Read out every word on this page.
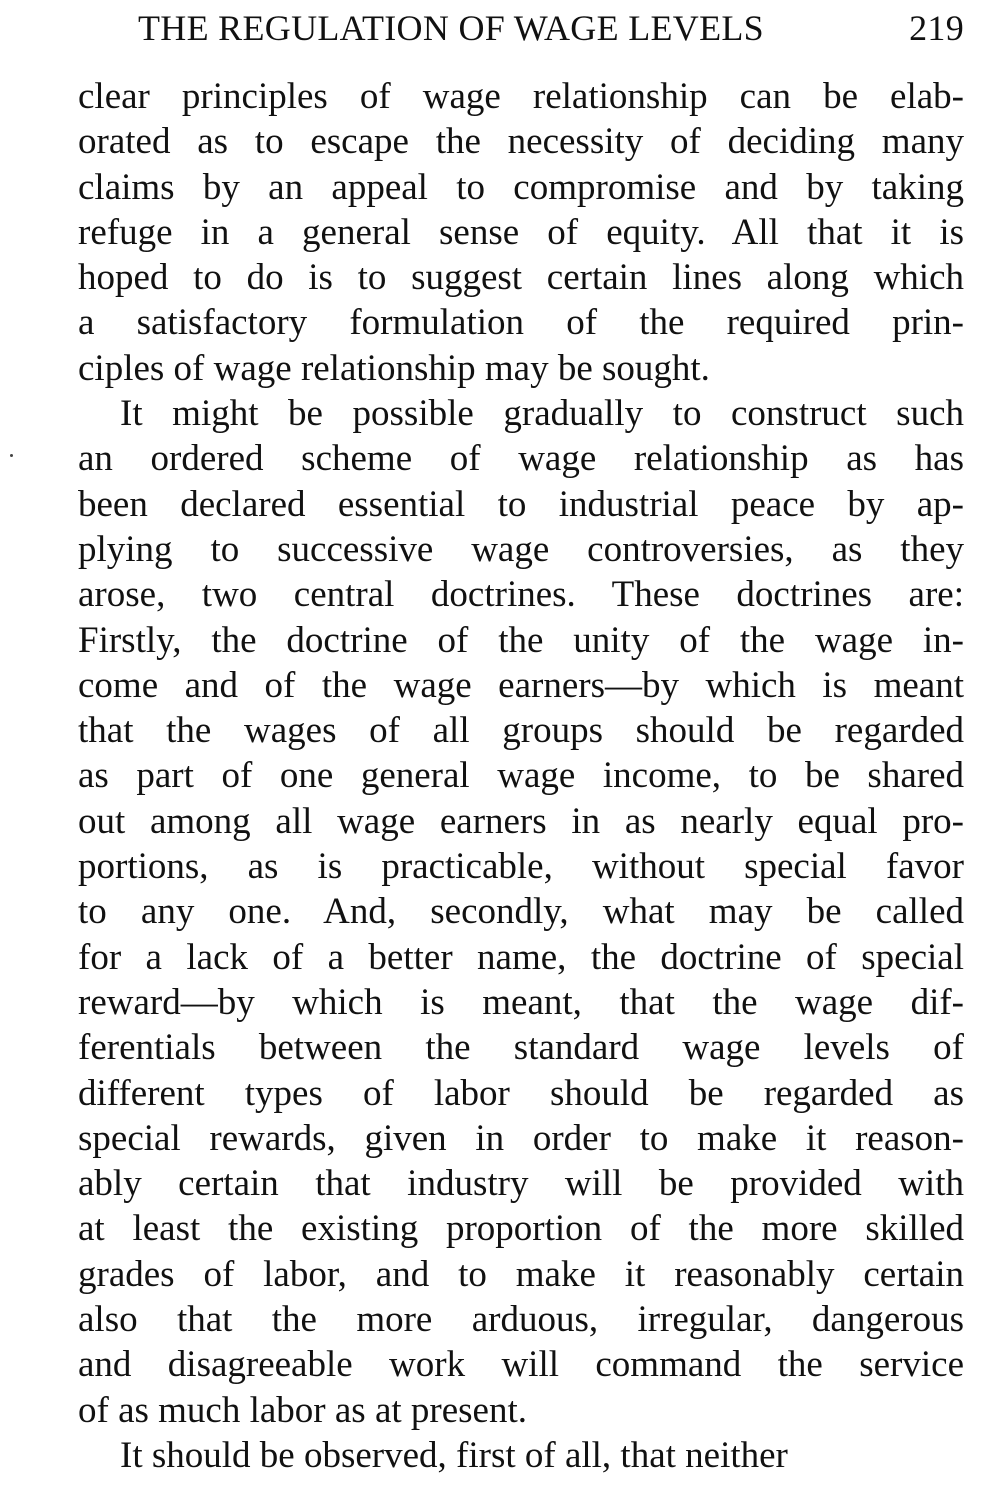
THE REGULATION OF WAGE LEVELS	219
clear principles of wage relationship can be elab-
orated as to escape the necessity of deciding many
claims by an appeal to compromise and by taking
refuge in a general sense of equity. All that it is
hoped to do is to suggest certain lines along which
a satisfactory formulation of the required prin-
ciples of wage relationship may be sought.
It might be possible gradually to construct such
an ordered scheme of wage relationship as has
been declared essential to industrial peace by ap-
plying to successive wage controversies, as they
arose, two central doctrines. These doctrines are:
Firstly, the doctrine of the unity of the wage in-
come and of the wage earners—by which is meant
that the wages of all groups should be regarded
as part of one general wage income, to be shared
out among all wage earners in as nearly equal pro-
portions, as is practicable, without special favor
to any one. And, secondly, what may be called
for a lack of a better name, the doctrine of special
reward—by which is meant, that the wage dif-
ferentials between the standard wage levels of
different types of labor should be regarded as
special rewards, given in order to make it reason-
ably certain that industry will be provided with
at least the existing proportion of the more skilled
grades of labor, and to make it reasonably certain
also that the more arduous, irregular, dangerous
and disagreeable work will command the service
of as much labor as at present.
It should be observed, first of all, that neither
